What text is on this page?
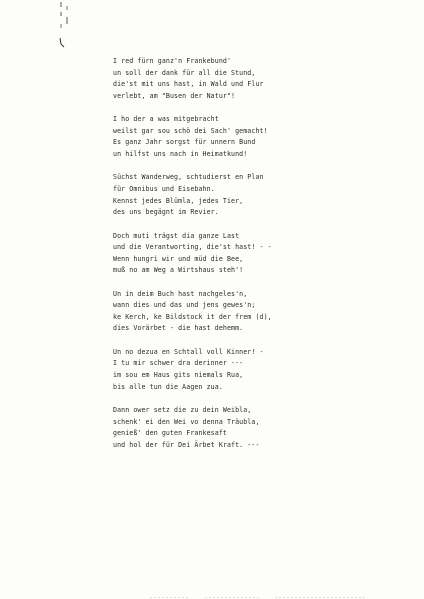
I red fürn ganz'n Frankebund'
un soll der dank für all die Stund,
die'st mit uns hast, in Wald und Flur
verlebt, am "Busen der Natur"!
I ho der a was mitgebracht
weilst gar sou schö dei Sach' gemacht!
Es ganz Jahr sorgst für unnern Bund
un hilfst uns nach in Heimatkund!
Süchst Wanderweg, schtudierst en Plan
für Omnibus und Eisebahn.
Kennst jedes Blümla, jedes Tier,
des uns begägnt im Revier.
Doch muti trägst dia ganze Last
und die Verantworting, die'st hast! - -
Wenn hungri wir und müd die Bee,
muß no am Weg a Wirtshaus steh'!
Un in deim Buch hast nachgeles'n,
wann dies und das und jens gewes'n;
ke Kerch, ke Bildstock it der frem (d),
dies Vorärbet - die hast dehemm.
Un no dezua en Schtall voll Kinner! -
I tu mir schwer dra derinner ---
im sou em Haus gits niemals Rua,
bis alle tun die Aagen zua.
Dann ower setz die zu dein Weibla,
schenk' ei den Wei vo denna Träubla,
genieß' den guten Frankesaft
und hol der für Dei Ärbet Kraft. ---
